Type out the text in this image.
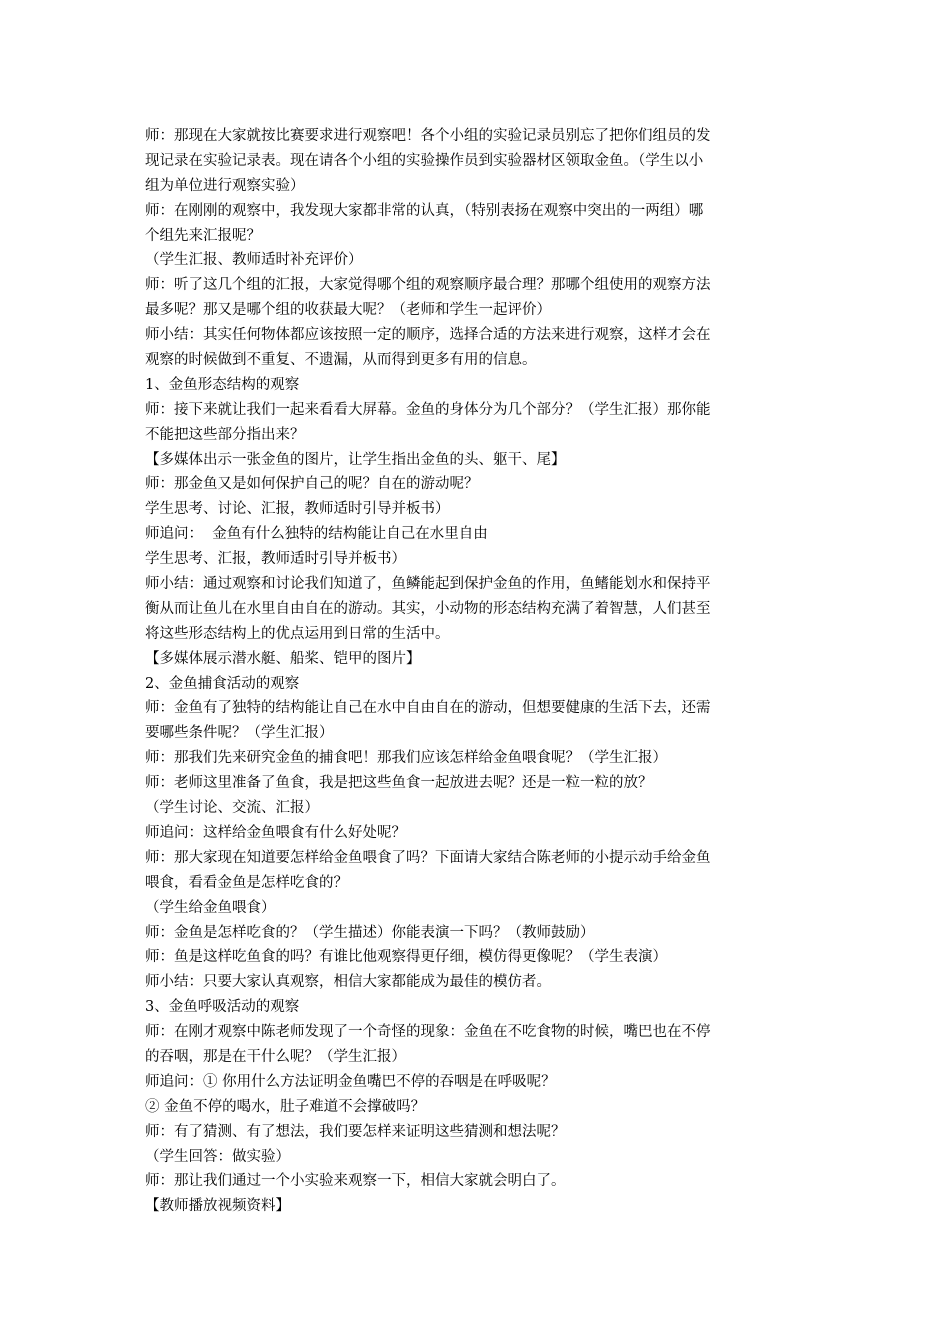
师：那现在大家就按比赛要求进行观察吧！各个小组的实验记录员别忘了把你们组员的发
现记录在实验记录表。现在请各个小组的实验操作员到实验器材区领取金鱼。（学生以小
组为单位进行观察实验）
师：在刚刚的观察中，我发现大家都非常的认真，（特别表扬在观察中突出的一两组）哪
个组先来汇报呢？
（学生汇报、教师适时补充评价）
师：听了这几个组的汇报，大家觉得哪个组的观察顺序最合理？那哪个组使用的观察方法
最多呢？那又是哪个组的收获最大呢？（老师和学生一起评价）
师小结：其实任何物体都应该按照一定的顺序，选择合适的方法来进行观察，这样才会在
观察的时候做到不重复、不遗漏，从而得到更多有用的信息。
1、金鱼形态结构的观察
师：接下来就让我们一起来看看大屏幕。金鱼的身体分为几个部分？（学生汇报）那你能
不能把这些部分指出来？
【多媒体出示一张金鱼的图片，让学生指出金鱼的头、躯干、尾】
师：那金鱼又是如何保护自己的呢？自在的游动呢？
学生思考、讨论、汇报，教师适时引导并板书）
师追问：  金鱼有什么独特的结构能让自己在水里自由
学生思考、汇报，教师适时引导并板书）
师小结：通过观察和讨论我们知道了，鱼鳞能起到保护金鱼的作用，鱼鳍能划水和保持平
衡从而让鱼儿在水里自由自在的游动。其实，小动物的形态结构充满了着智慧，人们甚至
将这些形态结构上的优点运用到日常的生活中。
【多媒体展示潜水艇、船桨、铠甲的图片】
2、金鱼捕食活动的观察
师：金鱼有了独特的结构能让自己在水中自由自在的游动，但想要健康的生活下去，还需
要哪些条件呢？（学生汇报）
师：那我们先来研究金鱼的捕食吧！那我们应该怎样给金鱼喂食呢？（学生汇报）
师：老师这里准备了鱼食，我是把这些鱼食一起放进去呢？还是一粒一粒的放？
（学生讨论、交流、汇报）
师追问：这样给金鱼喂食有什么好处呢？
师：那大家现在知道要怎样给金鱼喂食了吗？下面请大家结合陈老师的小提示动手给金鱼
喂食，看看金鱼是怎样吃食的？
（学生给金鱼喂食）
师：金鱼是怎样吃食的？（学生描述）你能表演一下吗？（教师鼓励）
师：鱼是这样吃鱼食的吗？有谁比他观察得更仔细，模仿得更像呢？（学生表演）
师小结：只要大家认真观察，相信大家都能成为最佳的模仿者。
3、金鱼呼吸活动的观察
师：在刚才观察中陈老师发现了一个奇怪的现象：金鱼在不吃食物的时候，嘴巴也在不停
的吞咽，那是在干什么呢？（学生汇报）
师追问：① 你用什么方法证明金鱼嘴巴不停的吞咽是在呼吸呢？
② 金鱼不停的喝水，肚子难道不会撑破吗？
师：有了猜测、有了想法，我们要怎样来证明这些猜测和想法呢？
（学生回答：做实验）
师：那让我们通过一个小实验来观察一下，相信大家就会明白了。
【教师播放视频资料】
